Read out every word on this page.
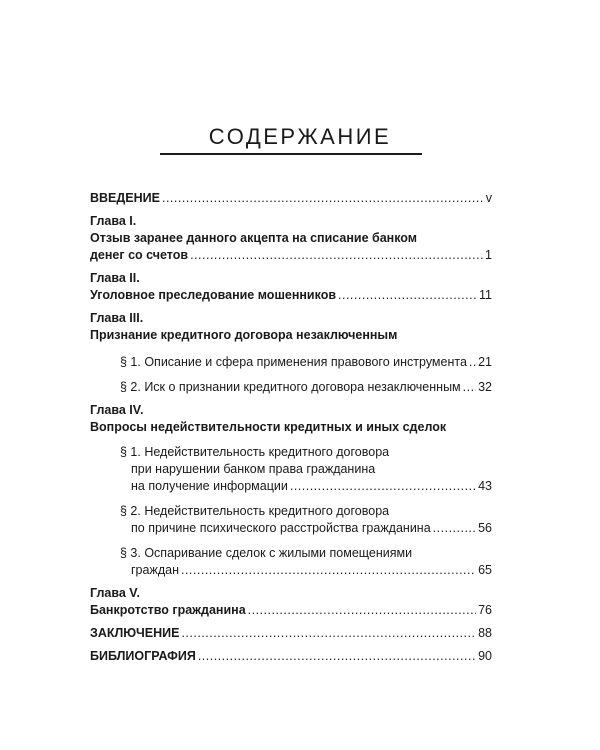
СОДЕРЖАНИЕ
ВВЕДЕНИЕ .....	v
Глава I.
Отзыв заранее данного акцепта на списание банком
денег со счетов .....	1
Глава II.
Уголовное преследование мошенников .....	11
Глава III.
Признание кредитного договора незаключенным
§ 1. Описание и сфера применения правового инструмента ..... 21
§ 2. Иск о признании кредитного договора незаключенным ..... 32
Глава IV.
Вопросы недействительности кредитных и иных сделок
§ 1. Недействительность кредитного договора
при нарушении банком права гражданина
на получение информации .....	43
§ 2. Недействительность кредитного договора
по причине психического расстройства гражданина .....	56
§ 3. Оспаривание сделок с жилыми помещениями
граждан .....	65
Глава V.
Банкротство гражданина .....	76
ЗАКЛЮЧЕНИЕ .....	88
БИБЛИОГРАФИЯ .....	90
